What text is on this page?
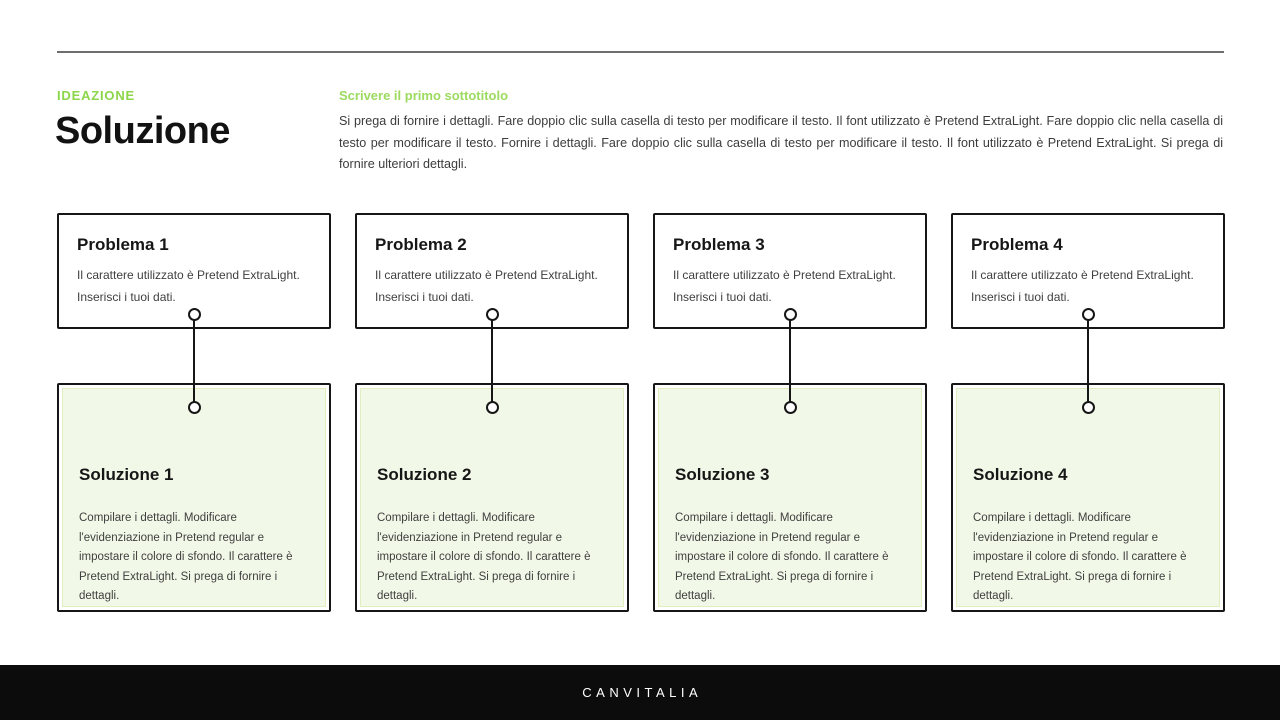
IDEAZIONE
Soluzione
Scrivere il primo sottotitolo
Si prega di fornire i dettagli. Fare doppio clic sulla casella di testo per modificare il testo. Il font utilizzato è Pretend ExtraLight. Fare doppio clic nella casella di testo per modificare il testo. Fornire i dettagli. Fare doppio clic sulla casella di testo per modificare il testo. Il font utilizzato è Pretend ExtraLight. Si prega di fornire ulteriori dettagli.
Problema 1
Il carattere utilizzato è Pretend ExtraLight. Inserisci i tuoi dati.
Soluzione 1
Compilare i dettagli. Modificare l'evidenziazione in Pretend regular e impostare il colore di sfondo. Il carattere è Pretend ExtraLight. Si prega di fornire i dettagli.
Problema 2
Il carattere utilizzato è Pretend ExtraLight. Inserisci i tuoi dati.
Soluzione 2
Compilare i dettagli. Modificare l'evidenziazione in Pretend regular e impostare il colore di sfondo. Il carattere è Pretend ExtraLight. Si prega di fornire i dettagli.
Problema 3
Il carattere utilizzato è Pretend ExtraLight. Inserisci i tuoi dati.
Soluzione 3
Compilare i dettagli. Modificare l'evidenziazione in Pretend regular e impostare il colore di sfondo. Il carattere è Pretend ExtraLight. Si prega di fornire i dettagli.
Problema 4
Il carattere utilizzato è Pretend ExtraLight. Inserisci i tuoi dati.
Soluzione 4
Compilare i dettagli. Modificare l'evidenziazione in Pretend regular e impostare il colore di sfondo. Il carattere è Pretend ExtraLight. Si prega di fornire i dettagli.
CANVITALIA
